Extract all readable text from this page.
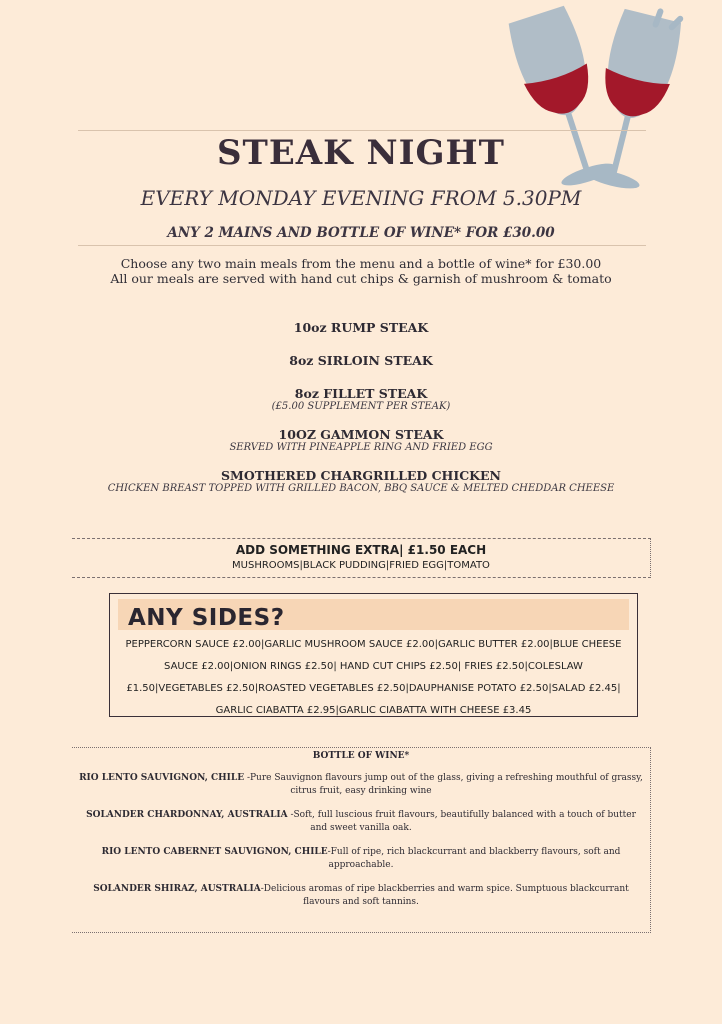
STEAK NIGHT
EVERY MONDAY EVENING FROM 5.30PM
ANY 2 MAINS AND BOTTLE OF WINE* FOR £30.00
Choose any two main meals from the menu and a bottle of wine* for £30.00
All our meals are served with hand cut chips & garnish of mushroom & tomato
10oz RUMP STEAK
8oz SIRLOIN STEAK
8oz FILLET STEAK
(£5.00 SUPPLEMENT PER STEAK)
10OZ GAMMON STEAK
SERVED WITH PINEAPPLE RING AND FRIED EGG
SMOTHERED CHARGRILLED CHICKEN
CHICKEN BREAST TOPPED WITH GRILLED BACON, BBQ SAUCE & MELTED CHEDDAR CHEESE
ADD SOMETHING EXTRA| £1.50 EACH
MUSHROOMS|BLACK PUDDING|FRIED EGG|TOMATO
ANY SIDES?
PEPPERCORN SAUCE £2.00|GARLIC MUSHROOM SAUCE £2.00|GARLIC BUTTER £2.00|BLUE CHEESE SAUCE £2.00|ONION RINGS £2.50| HAND CUT CHIPS £2.50| FRIES £2.50|COLESLAW £1.50|VEGETABLES £2.50|ROASTED VEGETABLES £2.50|DAUPHANISE POTATO £2.50|SALAD £2.45| GARLIC CIABATTA £2.95|GARLIC CIABATTA WITH CHEESE £3.45
BOTTLE OF WINE*
RIO LENTO SAUVIGNON, CHILE -Pure Sauvignon flavours jump out of the glass, giving a refreshing mouthful of grassy, citrus fruit, easy drinking wine
SOLANDER CHARDONNAY, AUSTRALIA -Soft, full luscious fruit flavours, beautifully balanced with a touch of butter and sweet vanilla oak.
RIO LENTO CABERNET SAUVIGNON, CHILE-Full of ripe, rich blackcurrant and blackberry flavours, soft and approachable.
SOLANDER SHIRAZ, AUSTRALIA-Delicious aromas of ripe blackberries and warm spice. Sumptuous blackcurrant flavours and soft tannins.
